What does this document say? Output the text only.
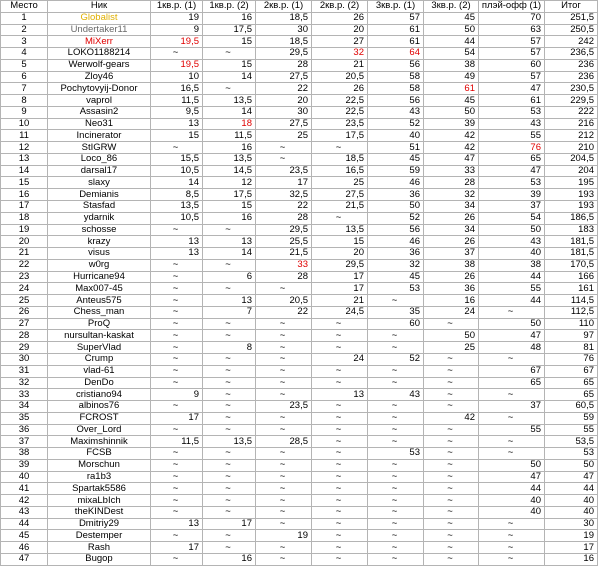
Место	Ник	1кв.р. (1)	1кв.р. (2)	2кв.р. (1)	2кв.р. (2)	3кв.р. (1)	3кв.р. (2)	плэй-офф (1)	Итог
1	Globalist	19	16	18,5	26	57	45	70	251,5
2	Undertaker11	9	17,5	30	20	61	50	63	250,5
3	MiXerr	19,5	15	18,5	27	61	44	57	242
4	LOKO1188214	~	~	29,5	32	64	54	57	236,5
5	Werwolf-gears	19,5	15	28	21	56	38	60	236
6	Zloy46	10	14	27,5	20,5	58	49	57	236
7	Pochytovyij-Donor	16,5	~	22	26	58	61	47	230,5
8	vaprol	11,5	13,5	20	22,5	56	45	61	229,5
9	Assasin2	9,5	14	30	22,5	43	50	53	222
10	Neo31	13	18	27,5	23,5	52	39	43	216
11	Incinerator	15	11,5	25	17,5	40	42	55	212
12	StIGRW	~	16	~	~	51	42	76	210
13	Loco_86	15,5	13,5	~	18,5	45	47	65	204,5
14	darsal17	10,5	14,5	23,5	16,5	59	33	47	204
15	slaxy	14	12	17	25	46	28	53	195
16	Demianis	8,5	17,5	32,5	27,5	36	32	39	193
17	Stasfad	13,5	15	22	21,5	50	34	37	193
18	ydarnik	10,5	16	28	~	52	26	54	186,5
19	schosse	~	~	29,5	13,5	56	34	50	183
20	krazy	13	13	25,5	15	46	26	43	181,5
21	visus	13	14	21,5	20	36	37	40	181,5
22	w0rg	~	~	33	29,5	32	38	38	170,5
23	Hurricane94	~	6	28	17	45	26	44	166
24	Max007-45	~	~	~	17	53	36	55	161
25	Anteus575	~	13	20,5	21	~	16	44	114,5
26	Chess_man	~	7	22	24,5	35	24	~	112,5
27	ProQ	~	~	~	~	60	~	50	110
28	nursultan-kaskat	~	~	~	~	~	50	47	97
29	SuperVlad	~	8	~	~	~	25	48	81
30	Crump	~	~	~	24	52	~	~	76
31	vlad-61	~	~	~	~	~	~	67	67
32	DenDo	~	~	~	~	~	~	65	65
33	cristiano94	9	~	~	13	43	~	~	65
34	albinos76	~	~	23,5	~	~	~	37	60,5
35	FCROST	17	~	~	~	~	42	~	59
36	Over_Lord	~	~	~	~	~	~	55	55
37	Maximshinnik	11,5	13,5	28,5	~	~	~	~	53,5
38	FCSB	~	~	~	~	53	~	~	53
39	Morschun	~	~	~	~	~	~	50	50
40	ra1b3	~	~	~	~	~	~	47	47
41	Spartak5586	~	~	~	~	~	~	44	44
42	mixaLbIch	~	~	~	~	~	~	40	40
43	theKINDest	~	~	~	~	~	~	40	40
44	Dmitriy29	13	17	~	~	~	~	~	30
45	Destemper	~	~	19	~	~	~	~	19
46	Rash	17	~	~	~	~	~	~	17
47	Bugop	~	16	~	~	~	~	~	16
